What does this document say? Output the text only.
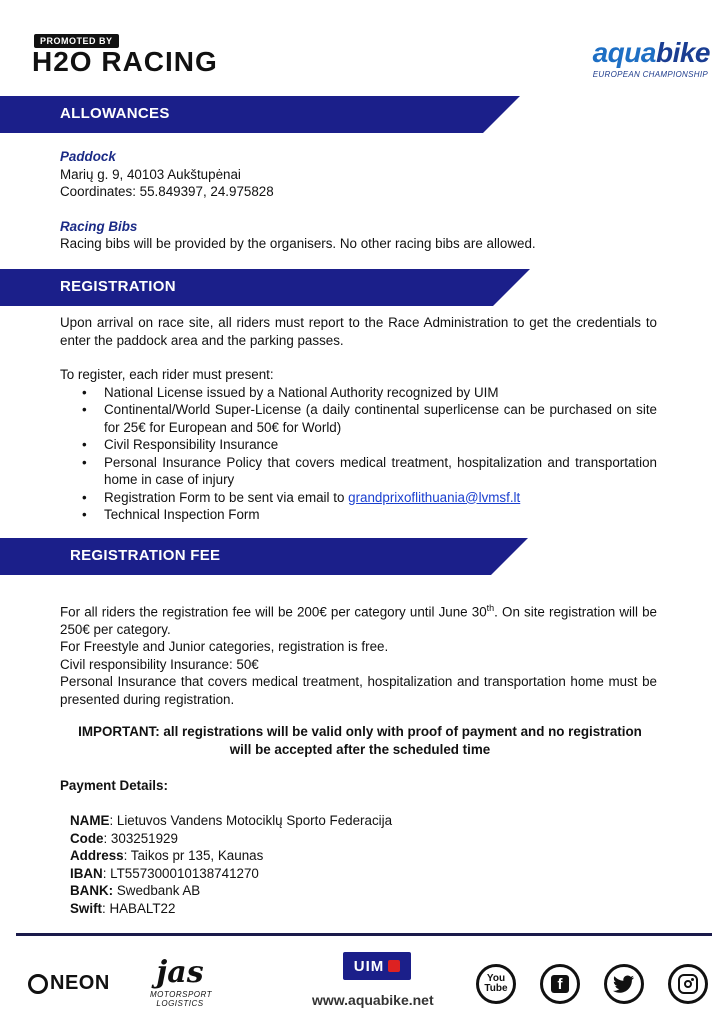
PROMOTED BY
H2O RACING	aquabike
EUROPEAN CHAMPIONSHIP
ALLOWANCES
Paddock
Marių g. 9, 40103 Aukštupėnai
Coordinates: 55.849397, 24.975828
Racing Bibs
Racing bibs will be provided by the organisers. No other racing bibs are allowed.
REGISTRATION
Upon arrival on race site, all riders must report to the Race Administration to get the credentials to enter the paddock area and the parking passes.
To register, each rider must present:
• National License issued by a National Authority recognized by UIM
• Continental/World Super-License (a daily continental superlicense can be purchased on site for 25€ for European and 50€ for World)
• Civil Responsibility Insurance
• Personal Insurance Policy that covers medical treatment, hospitalization and transportation home in case of injury
• Registration Form to be sent via email to grandprixoflithuania@lvmsf.lt
• Technical Inspection Form
REGISTRATION FEE
For all riders the registration fee will be 200€ per category until June 30th. On site registration will be 250€ per category.
For Freestyle and Junior categories, registration is free.
Civil responsibility Insurance: 50€
Personal Insurance that covers medical treatment, hospitalization and transportation home must be presented during registration.
IMPORTANT: all registrations will be valid only with proof of payment and no registration will be accepted after the scheduled time
Payment Details:
NAME: Lietuvos Vandens Motociklų Sporto Federacija
Code: 303251929
Address: Taikos pr 135, Kaunas
IBAN: LT557300010138741270
BANK: Swedbank AB
Swift: HABALT22
NEON	jas
MOTORSPORT LOGISTICS
UIM
www.aquabike.net
You
Tube	f
